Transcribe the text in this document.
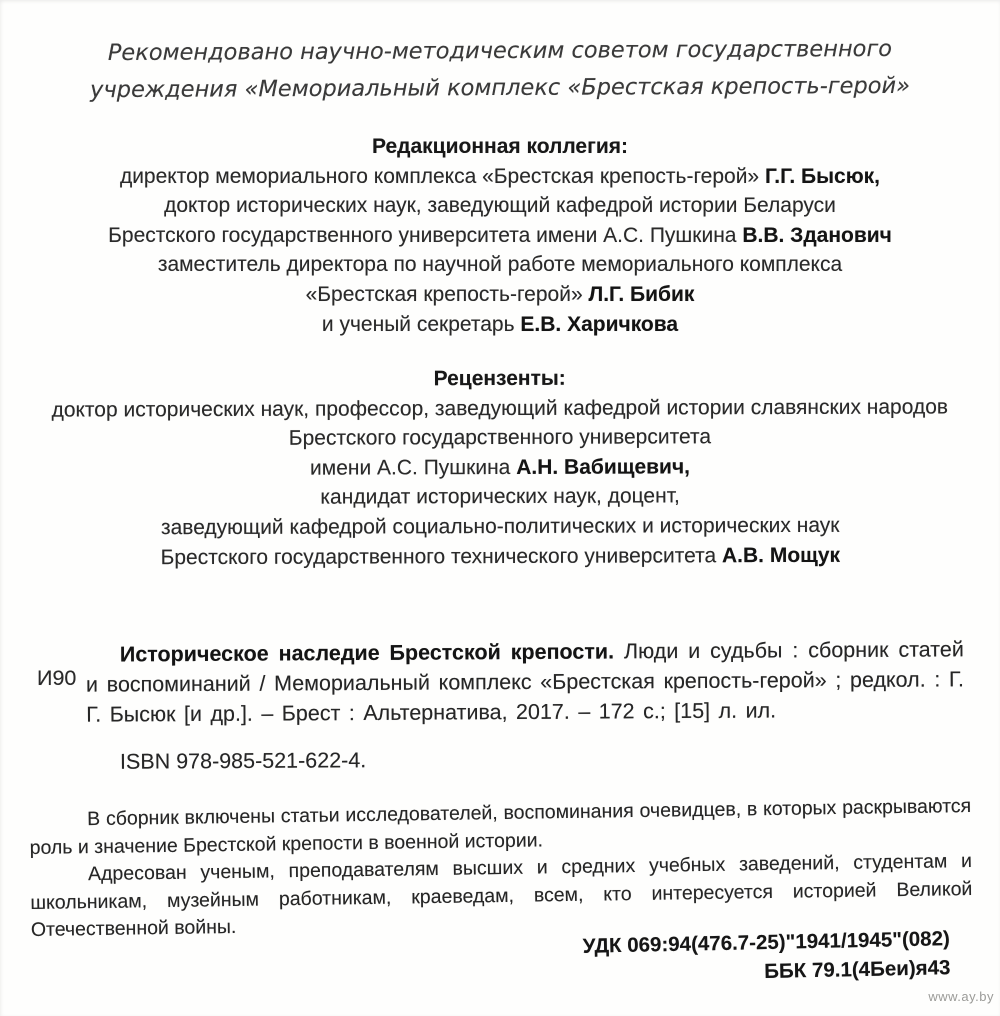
Рекомендовано научно-методическим советом государственного
учреждения «Мемориальный комплекс «Брестская крепость-герой»
Редакционная коллегия:
директор мемориального комплекса «Брестская крепость-герой» Г.Г. Бысюк,
доктор исторических наук, заведующий кафедрой истории Беларуси
Брестского государственного университета имени А.С. Пушкина В.В. Зданович
заместитель директора по научной работе мемориального комплекса
«Брестская крепость-герой» Л.Г. Бибик
и ученый секретарь Е.В. Харичкова
Рецензенты:
доктор исторических наук, профессор, заведующий кафедрой истории славянских народов
Брестского государственного университета
имени А.С. Пушкина А.Н. Вабищевич,
кандидат исторических наук, доцент,
заведующий кафедрой социально-политических и исторических наук
Брестского государственного технического университета А.В. Мощук
И90
Историческое наследие Брестской крепости. Люди и судьбы : сборник статей и воспоминаний / Мемориальный комплекс «Брестская крепость-герой» ; редкол. : Г. Г. Бысюк [и др.]. – Брест : Альтернатива, 2017. – 172 с.; [15] л. ил.
ISBN 978-985-521-622-4.

В сборник включены статьи исследователей, воспоминания очевидцев, в которых раскрываются роль и значение Брестской крепости в военной истории.

Адресован ученым, преподавателям высших и средних учебных заведений, студентам и школьникам, музейным работникам, краеведам, всем, кто интересуется историей Великой Отечественной войны.	УДК 069:94(476.7-25)"1941/1945"(082)
ББК 79.1(4Беи)я43
www.ay.by
